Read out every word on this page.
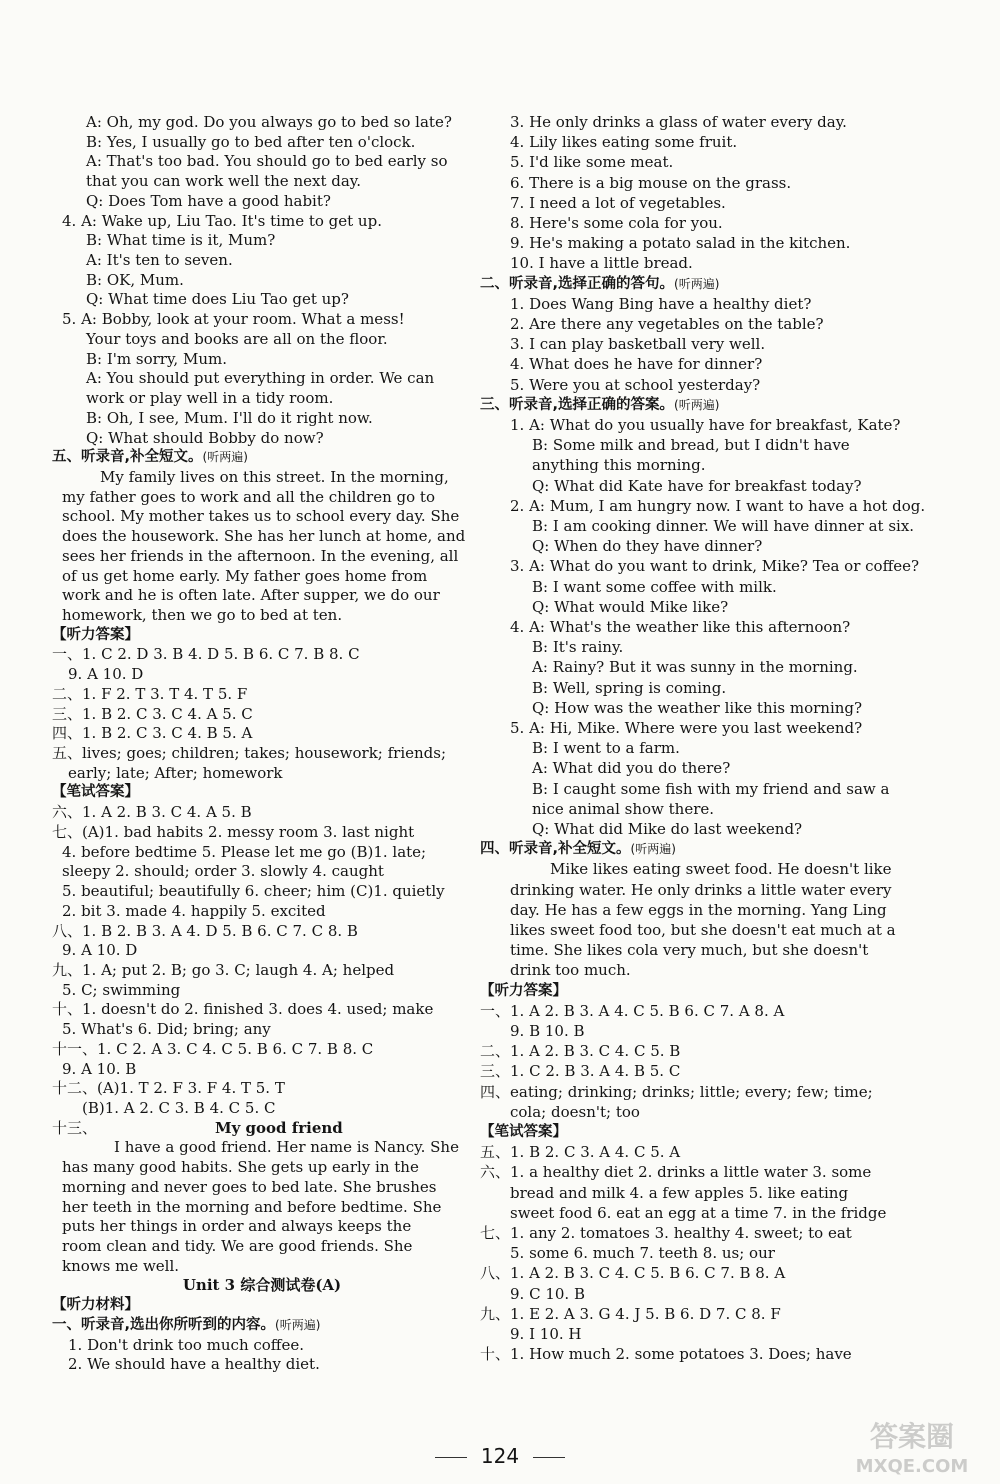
A: Oh, my god. Do you always go to bed so late?
B: Yes, I usually go to bed after ten o'clock.
A: That's too bad. You should go to bed early so
that you can work well the next day.
Q: Does Tom have a good habit?
4. A: Wake up, Liu Tao. It's time to get up.
B: What time is it, Mum?
A: It's ten to seven.
B: OK, Mum.
Q: What time does Liu Tao get up?
5. A: Bobby, look at your room. What a mess!
Your toys and books are all on the floor.
B: I'm sorry, Mum.
A: You should put everything in order. We can
work or play well in a tidy room.
B: Oh, I see, Mum. I'll do it right now.
Q: What should Bobby do now?
五、听录音,补全短文。(听两遍)
My family lives on this street. In the morning,
my father goes to work and all the children go to
school. My mother takes us to school every day. She
does the housework. She has her lunch at home, and
sees her friends in the afternoon. In the evening, all
of us get home early. My father goes home from
work and he is often late. After supper, we do our
homework, then we go to bed at ten.
【听力答案】
一、1. C 2. D 3. B 4. D 5. B 6. C 7. B 8. C
9. A 10. D
二、1. F 2. T 3. T 4. T 5. F
三、1. B 2. C 3. C 4. A 5. C
四、1. B 2. C 3. C 4. B 5. A
五、lives; goes; children; takes; housework; friends;
early; late; After; homework
【笔试答案】
六、1. A 2. B 3. C 4. A 5. B
七、(A)1. bad habits 2. messy room 3. last night
4. before bedtime 5. Please let me go (B)1. late;
sleepy 2. should; order 3. slowly 4. caught
5. beautiful; beautifully 6. cheer; him (C)1. quietly
2. bit 3. made 4. happily 5. excited
八、1. B 2. B 3. A 4. D 5. B 6. C 7. C 8. B
9. A 10. D
九、1. A; put 2. B; go 3. C; laugh 4. A; helped
5. C; swimming
十、1. doesn't do 2. finished 3. does 4. used; make
5. What's 6. Did; bring; any
十一、1. C 2. A 3. C 4. C 5. B 6. C 7. B 8. C
9. A 10. B
十二、(A)1. T 2. F 3. F 4. T 5. T
(B)1. A 2. C 3. B 4. C 5. C
十三、	My good friend
I have a good friend. Her name is Nancy. She
has many good habits. She gets up early in the
morning and never goes to bed late. She brushes
her teeth in the morning and before bedtime. She
puts her things in order and always keeps the
room clean and tidy. We are good friends. She
knows me well.
Unit 3 综合测试卷(A)
【听力材料】
一、听录音,选出你所听到的内容。(听两遍)
1. Don't drink too much coffee.
2. We should have a healthy diet.
3. He only drinks a glass of water every day.
4. Lily likes eating some fruit.
5. I'd like some meat.
6. There is a big mouse on the grass.
7. I need a lot of vegetables.
8. Here's some cola for you.
9. He's making a potato salad in the kitchen.
10. I have a little bread.
二、听录音,选择正确的答句。(听两遍)
1. Does Wang Bing have a healthy diet?
2. Are there any vegetables on the table?
3. I can play basketball very well.
4. What does he have for dinner?
5. Were you at school yesterday?
三、听录音,选择正确的答案。(听两遍)
1. A: What do you usually have for breakfast, Kate?
B: Some milk and bread, but I didn't have
anything this morning.
Q: What did Kate have for breakfast today?
2. A: Mum, I am hungry now. I want to have a hot dog.
B: I am cooking dinner. We will have dinner at six.
Q: When do they have dinner?
3. A: What do you want to drink, Mike? Tea or coffee?
B: I want some coffee with milk.
Q: What would Mike like?
4. A: What's the weather like this afternoon?
B: It's rainy.
A: Rainy? But it was sunny in the morning.
B: Well, spring is coming.
Q: How was the weather like this morning?
5. A: Hi, Mike. Where were you last weekend?
B: I went to a farm.
A: What did you do there?
B: I caught some fish with my friend and saw a
nice animal show there.
Q: What did Mike do last weekend?
四、听录音,补全短文。(听两遍)
Mike likes eating sweet food. He doesn't like
drinking water. He only drinks a little water every
day. He has a few eggs in the morning. Yang Ling
likes sweet food too, but she doesn't eat much at a
time. She likes cola very much, but she doesn't
drink too much.
【听力答案】
一、1. A 2. B 3. A 4. C 5. B 6. C 7. A 8. A
9. B 10. B
二、1. A 2. B 3. C 4. C 5. B
三、1. C 2. B 3. A 4. B 5. C
四、eating; drinking; drinks; little; every; few; time;
cola; doesn't; too
【笔试答案】
五、1. B 2. C 3. A 4. C 5. A
六、1. a healthy diet 2. drinks a little water 3. some
bread and milk 4. a few apples 5. like eating
sweet food 6. eat an egg at a time 7. in the fridge
七、1. any 2. tomatoes 3. healthy 4. sweet; to eat
5. some 6. much 7. teeth 8. us; our
八、1. A 2. B 3. C 4. C 5. B 6. C 7. B 8. A
9. C 10. B
九、1. E 2. A 3. G 4. J 5. B 6. D 7. C 8. F
9. I 10. H
十、1. How much 2. some potatoes 3. Does; have
124
答案圈
MXQE.COM
